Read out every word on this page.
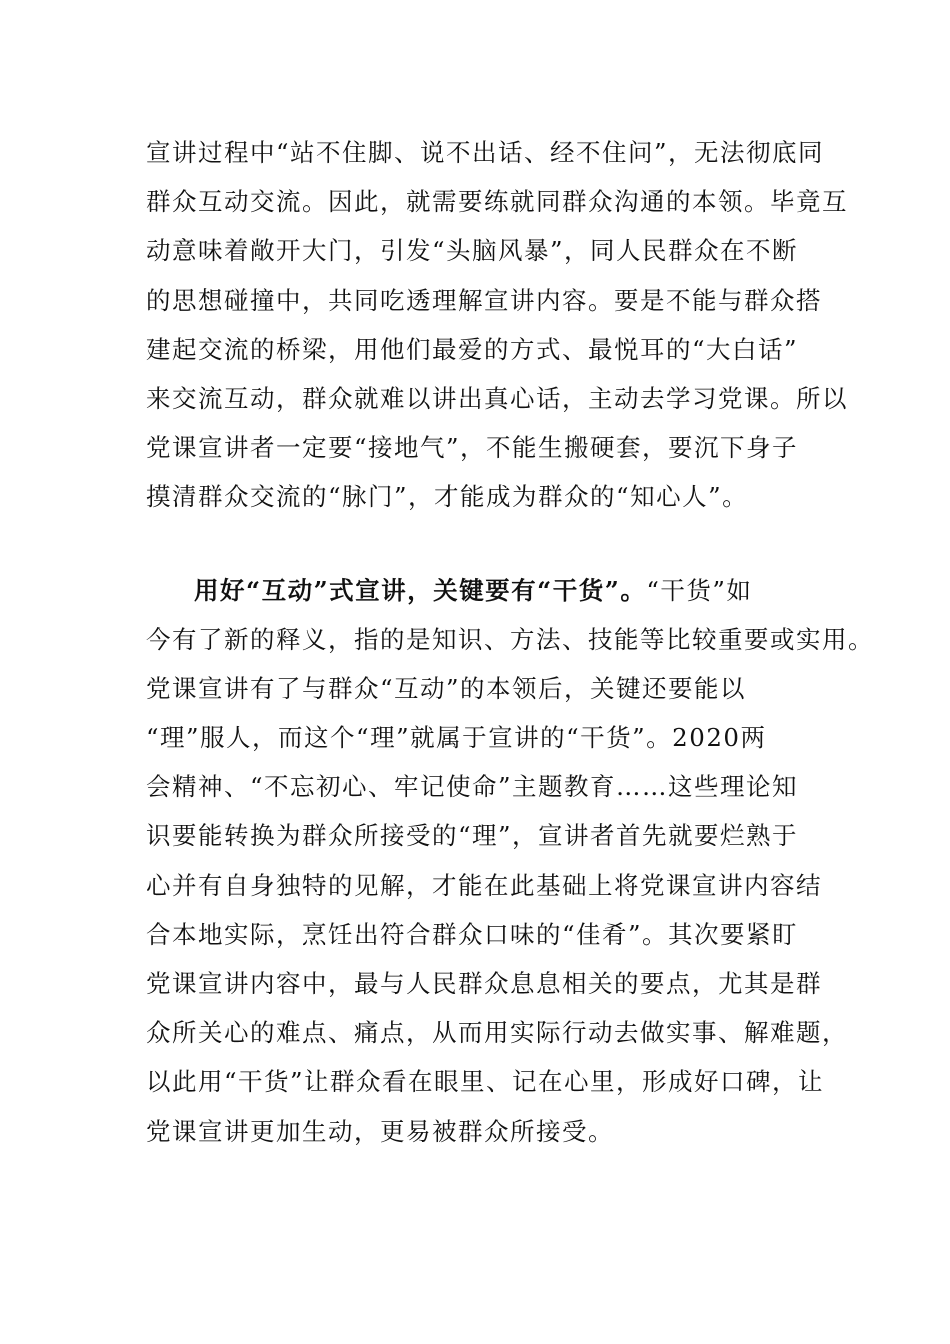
宣讲过程中“站不住脚、说不出话、经不住问”，无法彻底同
群众互动交流。因此，就需要练就同群众沟通的本领。毕竟互
动意味着敞开大门，引发“头脑风暴”，同人民群众在不断
的思想碰撞中，共同吃透理解宣讲内容。要是不能与群众搭
建起交流的桥梁，用他们最爱的方式、最悦耳的“大白话”
来交流互动，群众就难以讲出真心话，主动去学习党课。所以
党课宣讲者一定要“接地气”，不能生搬硬套，要沉下身子
摸清群众交流的“脉门”，才能成为群众的“知心人”。
用好“互动”式宣讲，关键要有“干货”。“干货”如
今有了新的释义，指的是知识、方法、技能等比较重要或实用。
党课宣讲有了与群众“互动”的本领后，关键还要能以
“理”服人，而这个“理”就属于宣讲的“干货”。2020两
会精神、“不忘初心、牢记使命”主题教育……这些理论知
识要能转换为群众所接受的“理”，宣讲者首先就要烂熟于
心并有自身独特的见解，才能在此基础上将党课宣讲内容结
合本地实际，烹饪出符合群众口味的“佳肴”。其次要紧盯
党课宣讲内容中，最与人民群众息息相关的要点，尤其是群
众所关心的难点、痛点，从而用实际行动去做实事、解难题，
以此用“干货”让群众看在眼里、记在心里，形成好口碑，让
党课宣讲更加生动，更易被群众所接受。
